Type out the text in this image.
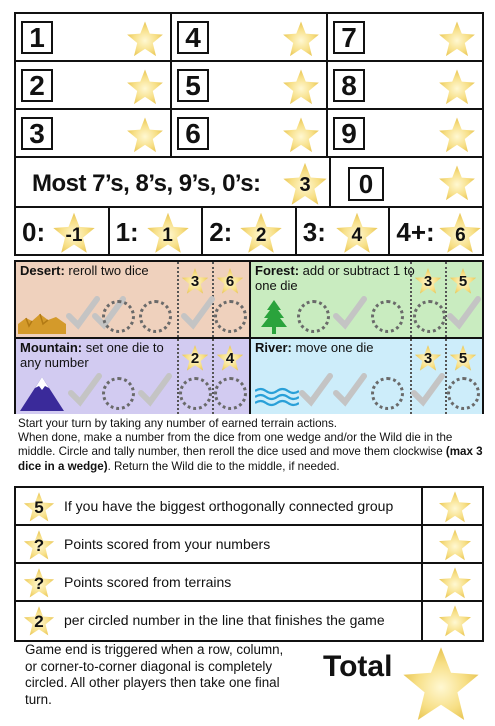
1	4	7
2	5	8
3	6	9
Most 7’s, 8’s, 9’s, 0’s:	3	0
0:	-1	1:	1	2:	2	3:	4	4+:	6
Desert: reroll two dice
3	6
Forest: add or subtract 1 to one die	3	5
Mountain: set one die to any number	2	4
River: move one die
3	5
Start your turn by taking any number of earned terrain actions.
When done, make a number from the dice from one wedge and/or the Wild die in the middle. Circle and tally number, then reroll the dice used and move them clockwise (max 3 dice in a wedge). Return the Wild die to the middle, if needed.
5	If you have the biggest orthogonally connected group
?	Points scored from your numbers
?	Points scored from terrains
2	per circled number in the line that finishes the game
Game end is triggered when a row, column, or corner-to-corner diagonal is completely circled. All other players then take one final turn.
Total
